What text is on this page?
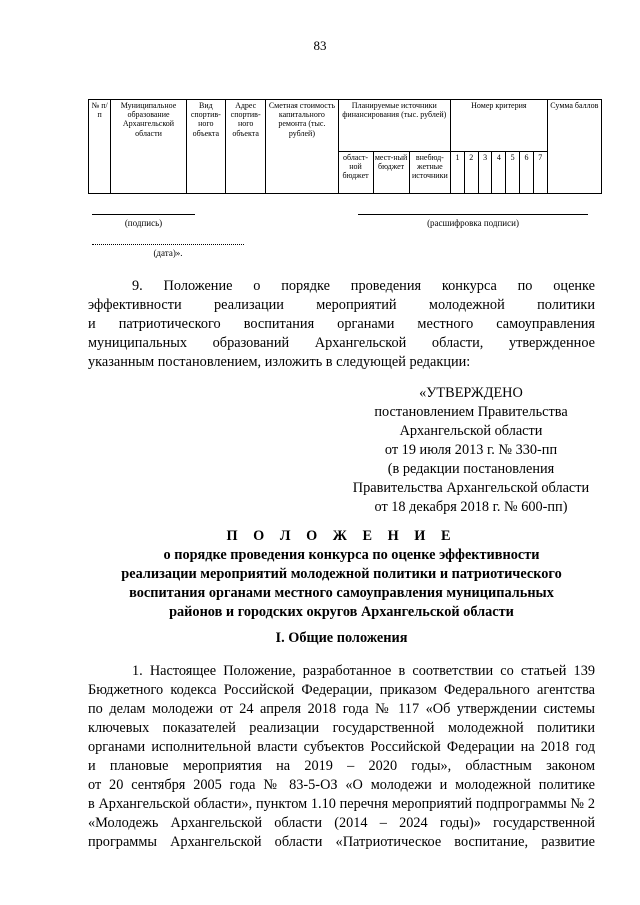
83
№ п/п	Муниципальное образование Архангельской области	Вид спортив-ного объекта	Адрес спортив-ного объекта	Сметная стоимость капитального ремонта (тыс. рублей)	Планируемые источники финансирования (тыс. рублей)			Номер критерия							Сумма баллов
					област-ной бюджет	мест-ный бюджет	внебюд-жетные источники	1	2	3	4	5	6	7	
(подпись)	(расшифровка подписи)
(дата)».
9. Положение о порядке проведения конкурса по оценке
эффективности реализации мероприятий молодежной политики
и патриотического воспитания органами местного самоуправления
муниципальных образований Архангельской области, утвержденное
указанным постановлением, изложить в следующей редакции:
«УТВЕРЖДЕНО
постановлением Правительства
Архангельской области
от 19 июля 2013 г. № 330-пп
(в редакции постановления
Правительства Архангельской области
от 18 декабря 2018 г. № 600-пп)
П О Л О Ж Е Н И Е
о порядке проведения конкурса по оценке эффективности
реализации мероприятий молодежной политики и патриотического
воспитания органами местного самоуправления муниципальных
районов и городских округов Архангельской области
I. Общие положения
1. Настоящее Положение, разработанное в соответствии со статьей 139
Бюджетного кодекса Российской Федерации, приказом Федерального агентства
по делам молодежи от 24 апреля 2018 года № 117 «Об утверждении системы
ключевых показателей реализации государственной молодежной политики
органами исполнительной власти субъектов Российской Федерации на 2018 год
и плановые мероприятия на 2019 – 2020 годы», областным законом
от 20 сентября 2005 года № 83-5-ОЗ «О молодежи и молодежной политике
в Архангельской области», пунктом 1.10 перечня мероприятий подпрограммы № 2
«Молодежь Архангельской области (2014 – 2024 годы)» государственной
программы Архангельской области «Патриотическое воспитание, развитие
